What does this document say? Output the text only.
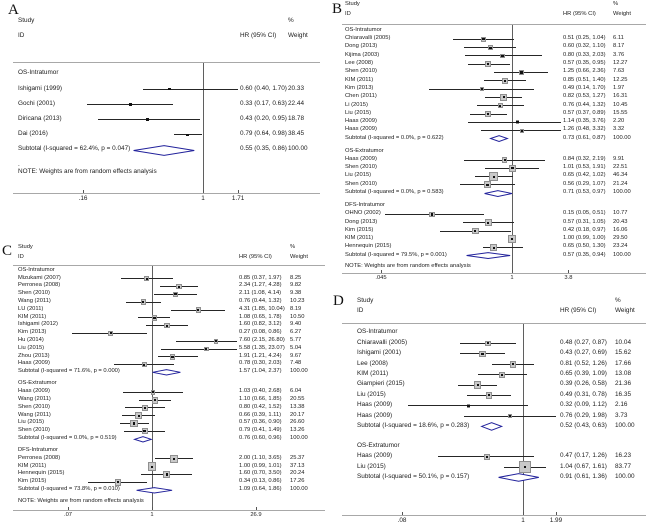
A
Study
ID	HR (95% CI)
%
Weight
.16	1	1.71
OS-Intratumor
Ishigami (1999)	0.60 (0.40, 1.70) 20.33
Gochi (2001)	0.33 (0.17, 0.63) 22.44
Diricana (2013)	0.43 (0.20, 0.95) 18.78
Dai (2016)	0.79 (0.64, 0.98) 38.45
Subtotal (I-squared = 62.4%, p = 0.047)	0.55 (0.35, 0.86) 100.00
.
NOTE: Weights are from random effects analysis
B Study
ID	HR (95% CI)
%
Weight
.045	1	3.8
OS-Intratumor
Chiaravalli (2005)	0.51 (0.25, 1.04) 6.11
Dong (2013)	0.60 (0.32, 1.10) 8.17
Kijima (2003)	0.80 (0.33, 2.03) 3.76
Lee (2008)	0.57 (0.35, 0.95) 12.27
Shen (2010)	1.25 (0.66, 2.36) 7.63
KIM (2011)	0.85 (0.51, 1.40) 12.25
Kim (2013)	0.49 (0.14, 1.70) 1.97
Chen (2011)	0.82 (0.53, 1.27) 16.31
Li (2015)	0.76 (0.44, 1.32) 10.45
Liu (2015)	0.57 (0.37, 0.89) 15.55
Haas (2009)	1.14 (0.35, 3.76) 2.20
Haas (2009)	1.26 (0.48, 3.32) 3.32
Subtotal (I-squared = 0.0%, p = 0.622)	0.73 (0.61, 0.87) 100.00
OS-Extratumor
Haas (2009)	0.84 (0.32, 2.19) 9.91
Shen (2010)	1.01 (0.53, 1.91) 22.51
Liu (2015)	0.65 (0.42, 1.02) 46.34
Shen (2010)	0.56 (0.29, 1.07) 21.24
Subtotal (I-squared = 0.0%, p = 0.583)	0.71 (0.53, 0.97) 100.00
DFS-Intratumor
OHNO (2002)	0.15 (0.05, 0.51) 10.77
Dong (2013)	0.57 (0.31, 1.05) 20.43
Kim (2015)	0.42 (0.18, 0.97) 16.06
KIM (2011)	1.00 (0.99, 1.00) 29.50
Hennequin (2015)	0.65 (0.50, 1.30) 23.24
Subtotal (I-squared = 79.5%, p = 0.001)	0.57 (0.35, 0.94) 100.00
NOTE: Weights are from random effects analysis
C Study
ID	HR (95% CI)
%
Weight
.07	1	26.9
OS-Intratumor
Mizukami (2007)	0.85 (0.37, 1.97) 8.25
Perronea (2008)	2.34 (1.27, 4.28) 9.82
Shen (2010)	2.11 (1.08, 4.14) 9.38
Wang (2011)	0.76 (0.44, 1.32) 10.23
LU (2011)	4.31 (1.85, 10.04) 8.19
KIM (2011)	1.08 (0.65, 1.78) 10.50
Ishigami (2012)	1.60 (0.82, 3.12) 9.40
Kim (2013)	0.27 (0.08, 0.86) 6.27
Hu (2014)	7.60 (2.15, 26.80) 5.77
Liu (2015)	5.58 (1.35, 23.07) 5.04
Zhou (2013)	1.91 (1.21, 4.24) 9.67
Haas (2009)	0.78 (0.30, 2.03) 7.48
Subtotal (I-squared = 71.6%, p = 0.000)	1.57 (1.04, 2.37) 100.00
OS-Extratumor
Haas (2009)	1.03 (0.40, 2.68) 6.04
Wang (2011)	1.10 (0.66, 1.85) 20.55
Shen (2010)	0.80 (0.42, 1.52) 13.38
Wang (2011)	0.66 (0.39, 1.11) 20.17
Liu (2015)	0.57 (0.36, 0.90) 26.60
Shen (2010)	0.79 (0.41, 1.49) 13.26
Subtotal (I-squared = 0.0%, p = 0.519)	0.76 (0.60, 0.96) 100.00
DFS-Intratumor
Perronea (2008)	2.00 (1.10, 3.65) 25.37
KIM (2011)	1.00 (0.99, 1.01) 37.13
Hennequin (2015)	1.60 (0.70, 3.50) 20.24
Kim (2015)	0.34 (0.13, 0.86) 17.26
Subtotal (I-squared = 73.8%, p = 0.010)	1.09 (0.64, 1.86) 100.00
NOTE: Weights are from random effects analysis
D Study
ID	HR (95% CI)
%
Weight
.08	1	1.99
OS-Intratumor
Chiaravalli (2005)	0.48 (0.27, 0.87) 10.04
Ishigami (2001)	0.43 (0.27, 0.69) 15.62
Lee (2008)	0.81 (0.52, 1.26) 17.66
KIM (2011)	0.65 (0.39, 1.09) 13.08
Giampieri (2015)	0.39 (0.26, 0.58) 21.36
Liu (2015)	0.49 (0.31, 0.78) 16.35
Haas (2009)	0.32 (0.09, 1.12) 2.16
Haas (2009)	0.76 (0.29, 1.98) 3.73
Subtotal (I-squared = 18.6%, p = 0.283)	0.52 (0.43, 0.63) 100.00
OS-Extratumor
Haas (2009)	0.47 (0.17, 1.26) 16.23
Liu (2015)	1.04 (0.67, 1.61) 83.77
Subtotal (I-squared = 50.1%, p = 0.157)	0.91 (0.61, 1.36) 100.00
